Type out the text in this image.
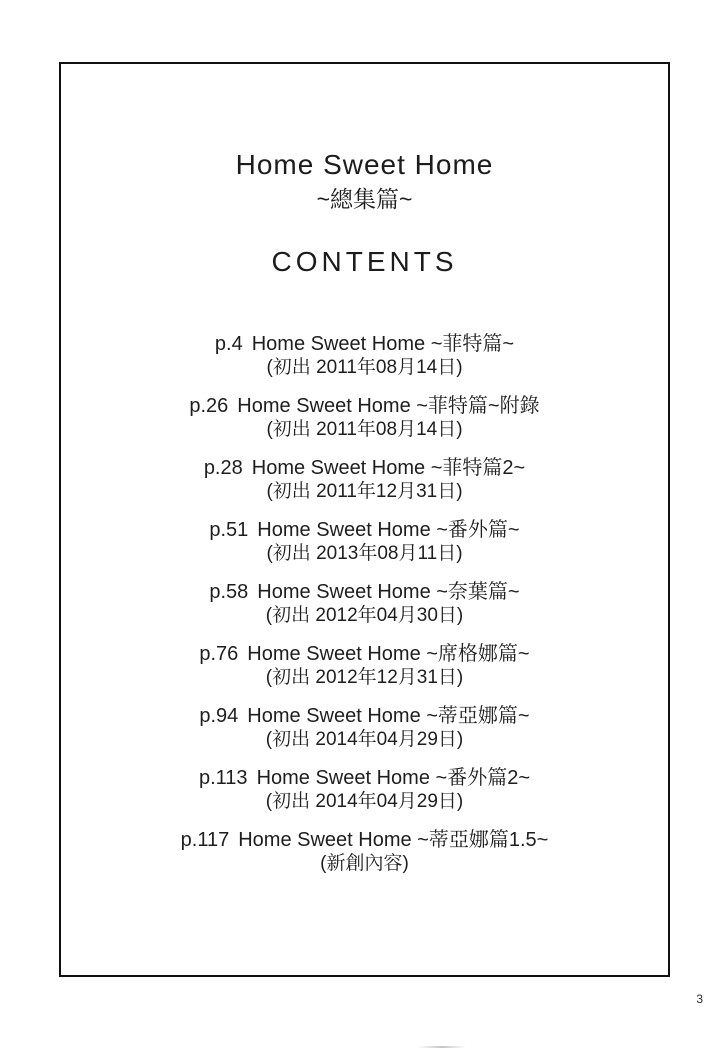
Home Sweet Home
~總集篇~
CONTENTS
p.4 Home Sweet Home ~菲特篇~
(初出 2011年08月14日)
p.26 Home Sweet Home ~菲特篇~附錄
(初出 2011年08月14日)
p.28 Home Sweet Home ~菲特篇2~
(初出 2011年12月31日)
p.51 Home Sweet Home ~番外篇~
(初出 2013年08月11日)
p.58 Home Sweet Home ~奈葉篇~
(初出 2012年04月30日)
p.76 Home Sweet Home ~席格娜篇~
(初出 2012年12月31日)
p.94 Home Sweet Home ~蒂亞娜篇~
(初出 2014年04月29日)
p.113 Home Sweet Home ~番外篇2~
(初出 2014年04月29日)
p.117 Home Sweet Home ~蒂亞娜篇1.5~
(新創內容)
3
